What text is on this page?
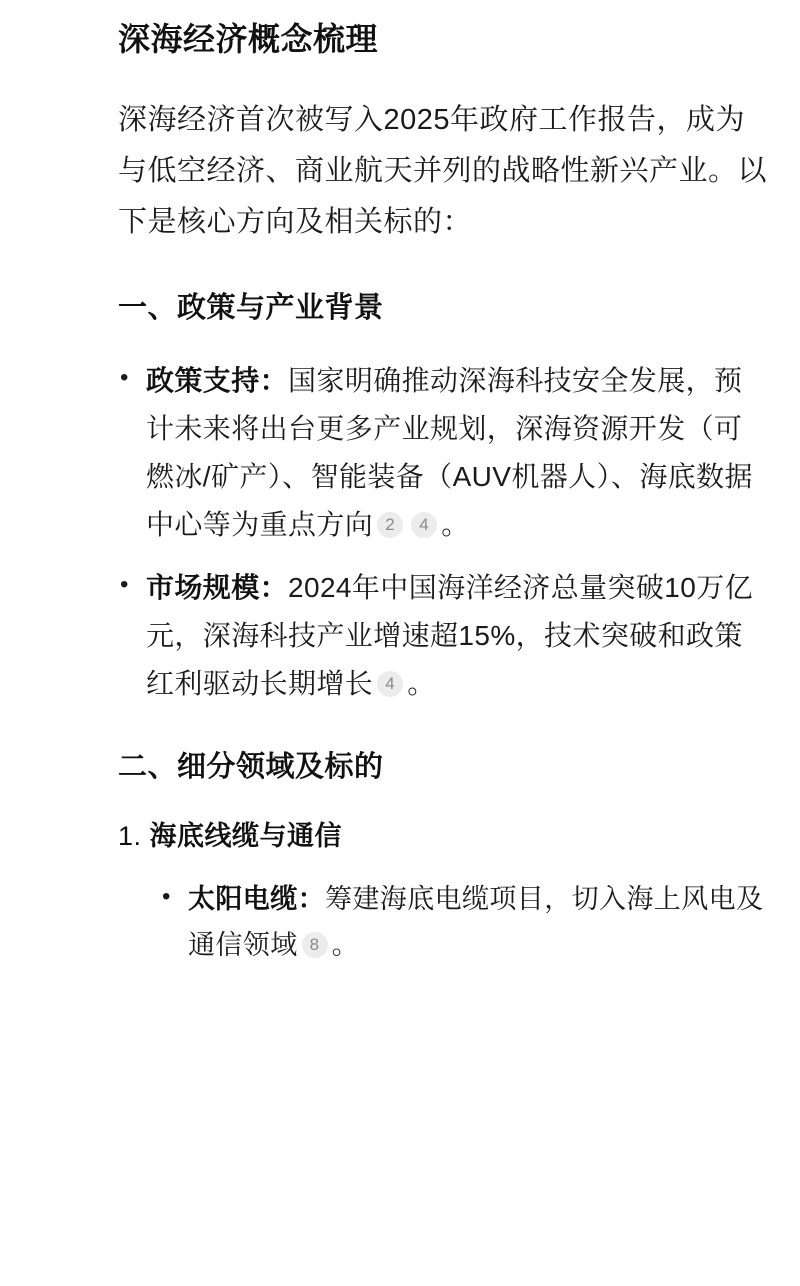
深海经济概念梳理

深海经济首次被写入2025年政府工作报告，成为与低空经济、商业航天并列的战略性新兴产业。以下是核心方向及相关标的：

一、政策与产业背景
• 政策支持：国家明确推动深海科技安全发展，预计未来将出台更多产业规划，深海资源开发（可燃冰/矿产）、智能装备（AUV机器人）、海底数据中心等为重点方向 2 4 。
• 市场规模：2024年中国海洋经济总量突破10万亿元，深海科技产业增速超15%，技术突破和政策红利驱动长期增长 4 。
二、细分领域及标的
1. 海底线缆与通信
• 太阳电缆：筹建海底电缆项目，切入海上风电及通信领域 8 。
